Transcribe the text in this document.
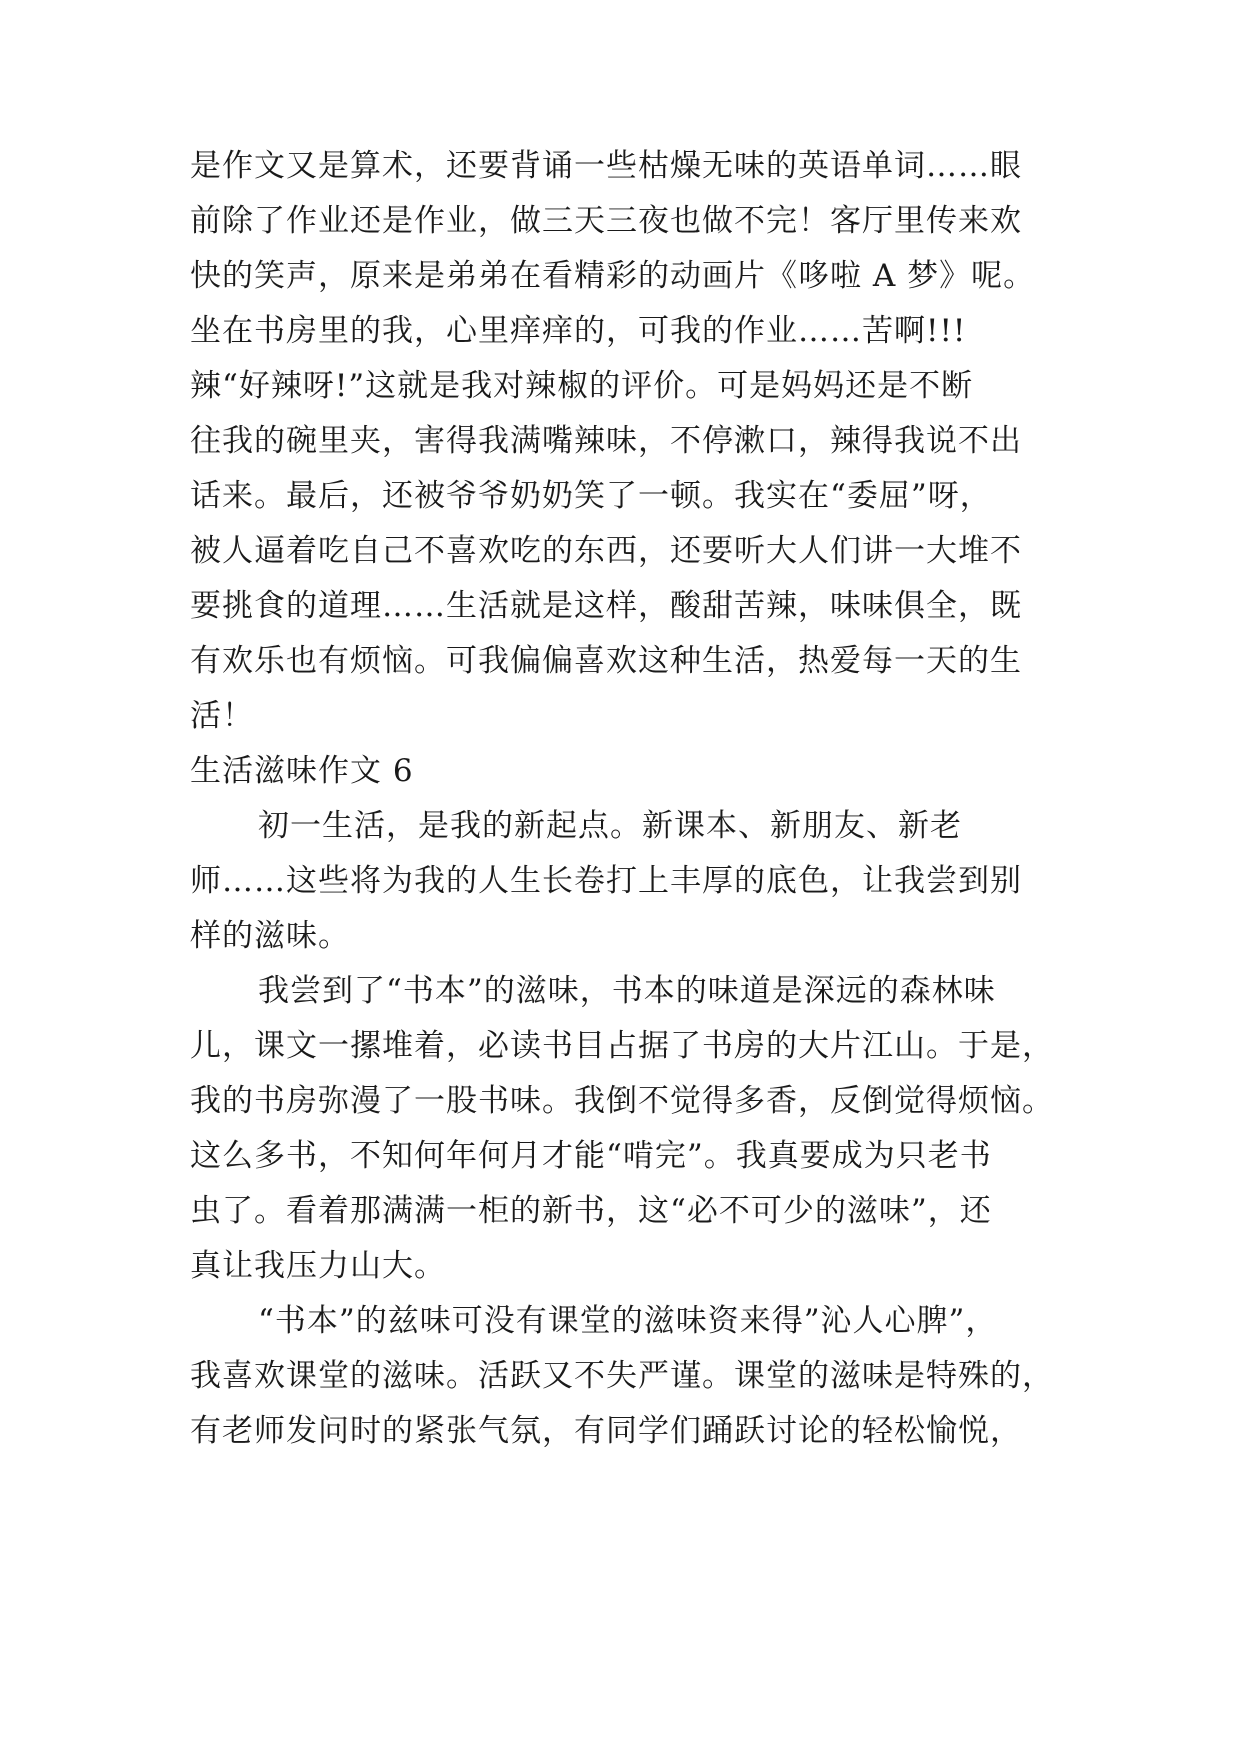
是作文又是算术，还要背诵一些枯燥无味的英语单词……眼
前除了作业还是作业，做三天三夜也做不完！客厅里传来欢
快的笑声，原来是弟弟在看精彩的动画片《哆啦 A 梦》呢。
坐在书房里的我，心里痒痒的，可我的作业……苦啊!!!
辣“好辣呀!”这就是我对辣椒的评价。可是妈妈还是不断
往我的碗里夹，害得我满嘴辣味，不停漱口，辣得我说不出
话来。最后，还被爷爷奶奶笑了一顿。我实在“委屈”呀，
被人逼着吃自己不喜欢吃的东西，还要听大人们讲一大堆不
要挑食的道理……生活就是这样，酸甜苦辣，味味俱全，既
有欢乐也有烦恼。可我偏偏喜欢这种生活，热爱每一天的生
活！
生活滋味作文 6
初一生活，是我的新起点。新课本、新朋友、新老
师……这些将为我的人生长卷打上丰厚的底色，让我尝到别
样的滋味。
我尝到了“书本”的滋味，书本的味道是深远的森林味
儿，课文一摞堆着，必读书目占据了书房的大片江山。于是，
我的书房弥漫了一股书味。我倒不觉得多香，反倒觉得烦恼。
这么多书，不知何年何月才能“啃完”。我真要成为只老书
虫了。看着那满满一柜的新书，这“必不可少的滋味”，还
真让我压力山大。
“书本”的兹味可没有课堂的滋味资来得”沁人心脾”，
我喜欢课堂的滋味。活跃又不失严谨。课堂的滋味是特殊的，
有老师发问时的紧张气氛，有同学们踊跃讨论的轻松愉悦，
